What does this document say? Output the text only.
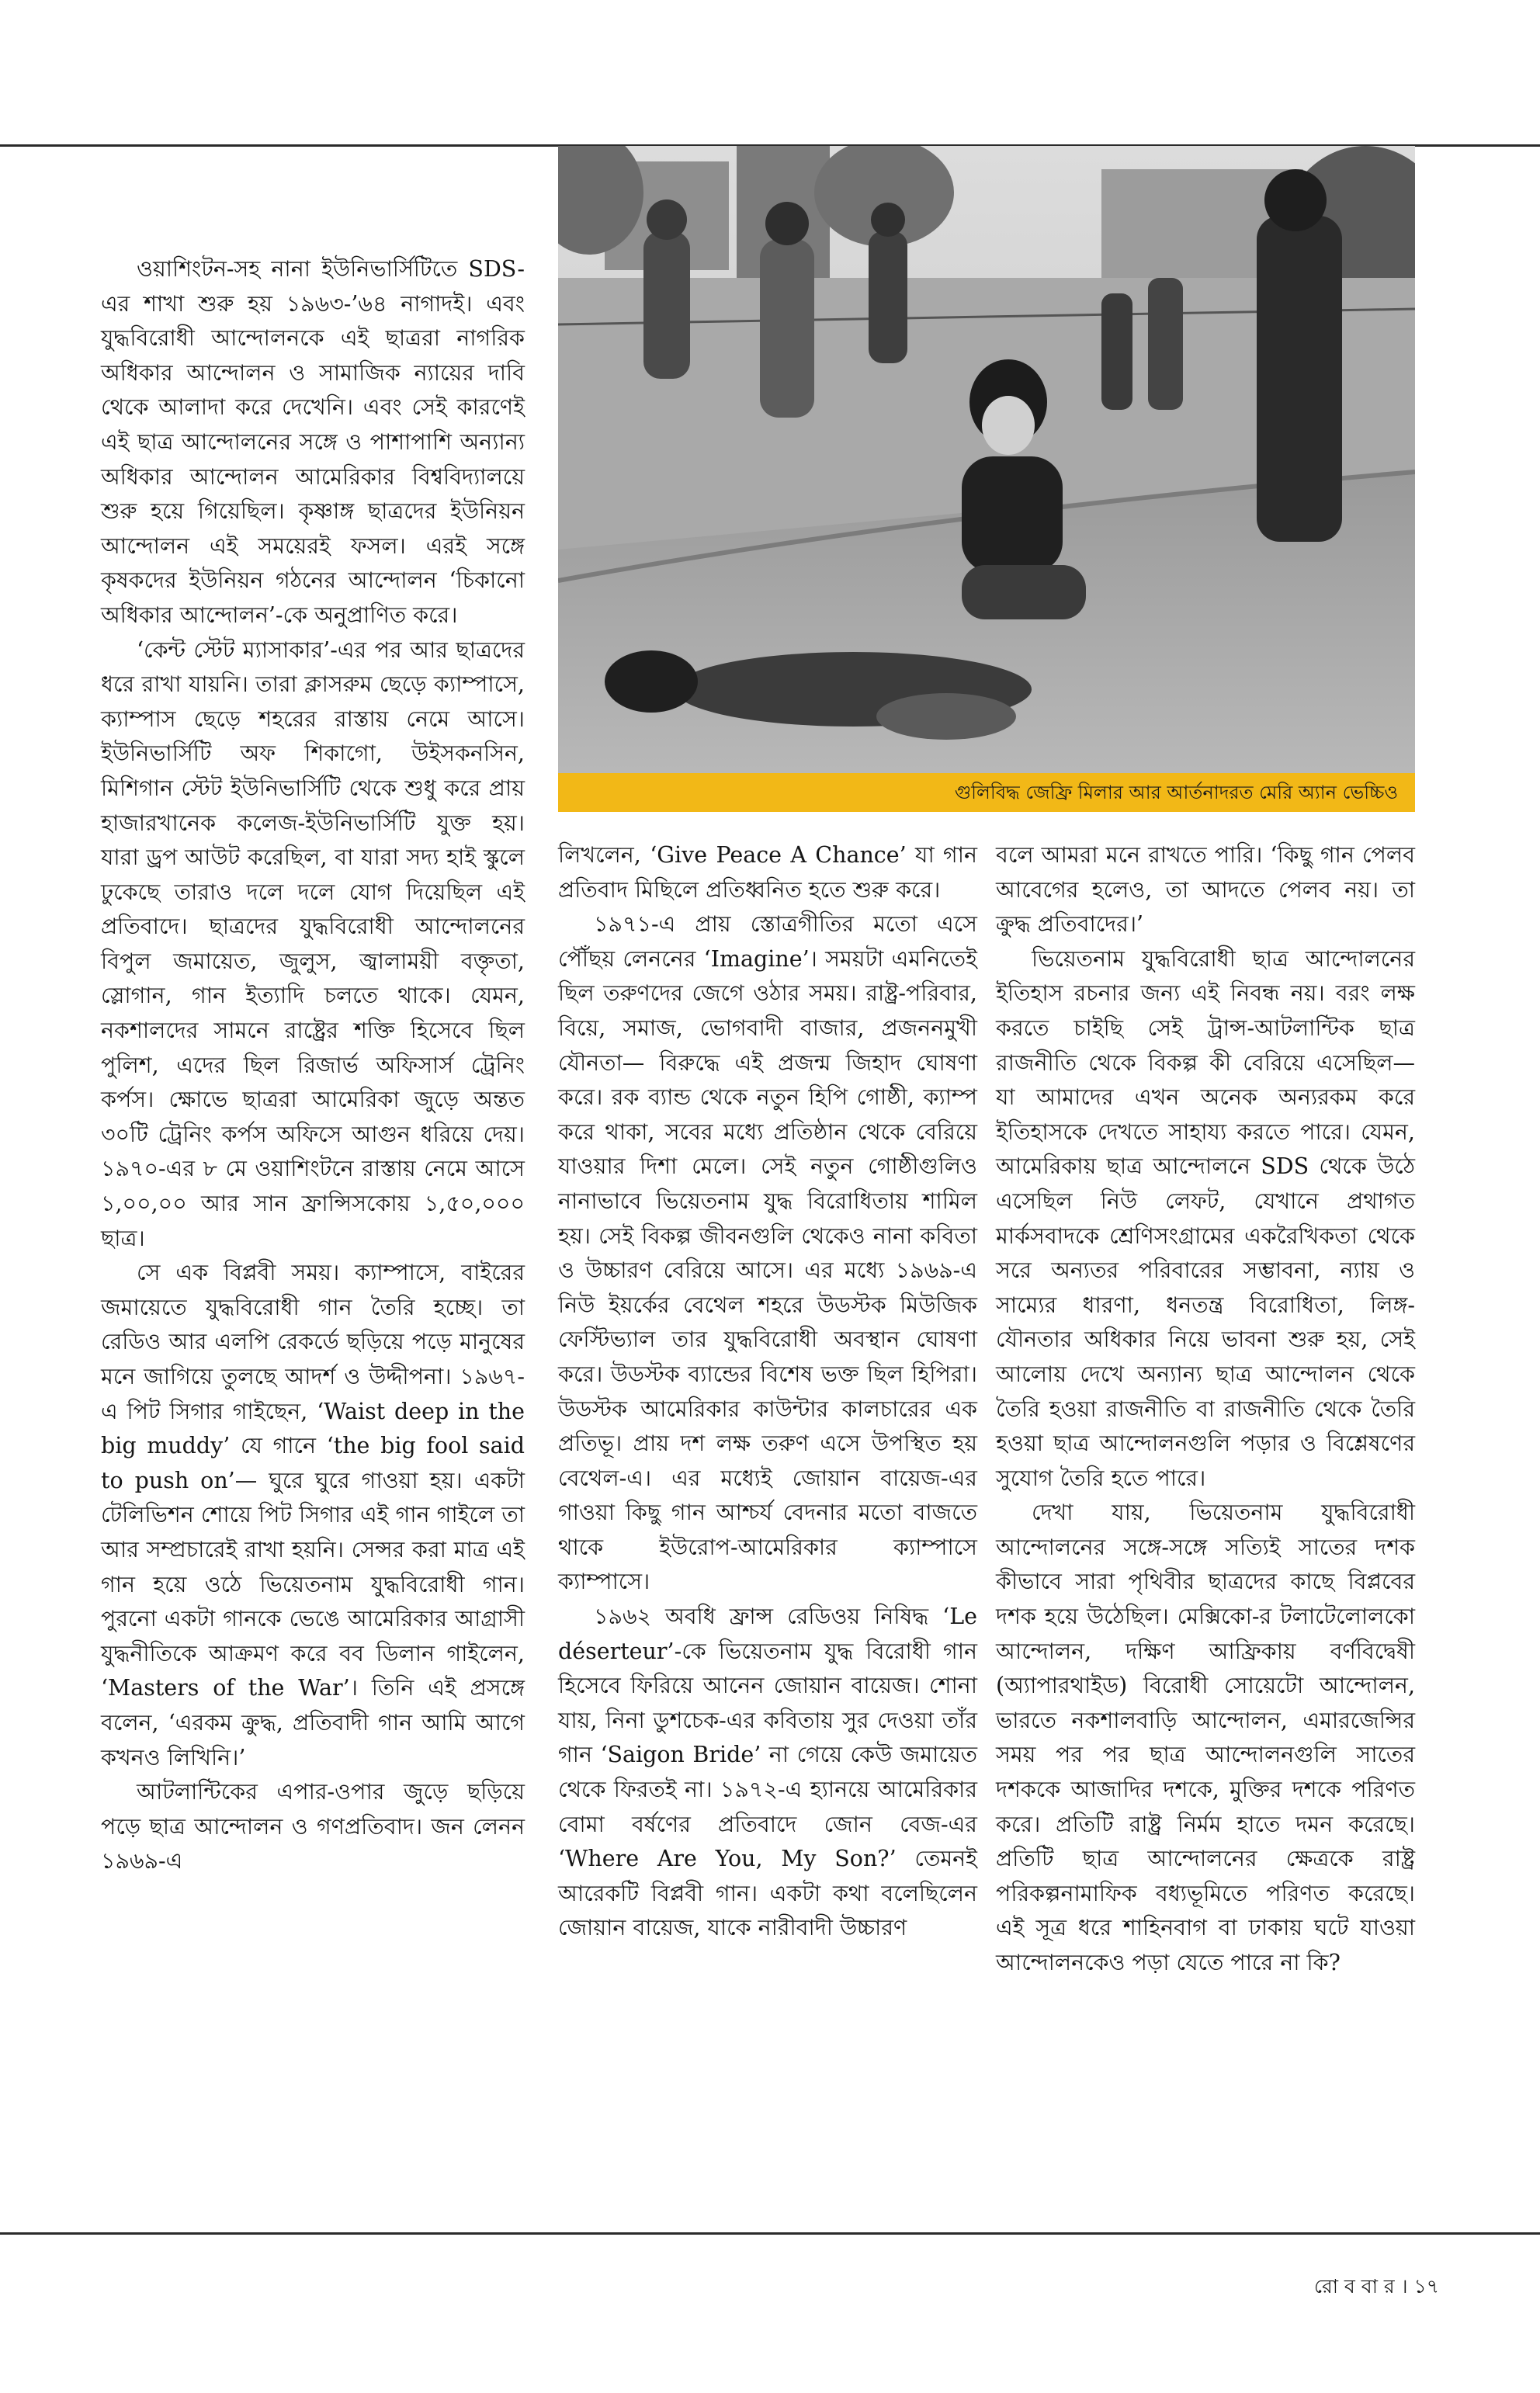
গুলিবিদ্ধ জেফ্রি মিলার আর আর্তনাদরত মেরি অ্যান ভেচ্চিও

ওয়াশিংটন-সহ নানা ইউনিভার্সিটিতে SDS-এর শাখা শুরু হয় ১৯৬৩-’৬৪ নাগাদই। এবং যুদ্ধবিরোধী আন্দোলনকে এই ছাত্ররা নাগরিক অধিকার আন্দোলন ও সামাজিক ন্যায়ের দাবি থেকে আলাদা করে দেখেনি। এবং সেই কারণেই এই ছাত্র আন্দোলনের সঙ্গে ও পাশাপাশি অন্যান্য অধিকার আন্দোলন আমেরিকার বিশ্ববিদ্যালয়ে শুরু হয়ে গিয়েছিল। কৃষ্ণাঙ্গ ছাত্রদের ইউনিয়ন আন্দোলন এই সময়েরই ফসল। এরই সঙ্গে কৃষকদের ইউনিয়ন গঠনের আন্দোলন ‘চিকানো অধিকার আন্দোলন’-কে অনুপ্রাণিত করে।

‘কেন্ট স্টেট ম্যাসাকার’-এর পর আর ছাত্রদের ধরে রাখা যায়নি। তারা ক্লাসরুম ছেড়ে ক্যাম্পাসে, ক্যাম্পাস ছেড়ে শহরের রাস্তায় নেমে আসে। ইউনিভার্সিটি অফ শিকাগো, উইসকনসিন, মিশিগান স্টেট ইউনিভার্সিটি থেকে শুধু করে প্রায় হাজারখানেক কলেজ-ইউনিভার্সিটি যুক্ত হয়। যারা ড্রপ আউট করেছিল, বা যারা সদ্য হাই স্কুলে ঢুকেছে তারাও দলে দলে যোগ দিয়েছিল এই প্রতিবাদে। ছাত্রদের যুদ্ধবিরোধী আন্দোলনের বিপুল জমায়েত, জুলুস, জ্বালাময়ী বক্তৃতা, স্লোগান, গান ইত্যাদি চলতে থাকে। যেমন, নকশালদের সামনে রাষ্ট্রের শক্তি হিসেবে ছিল পুলিশ, এদের ছিল রিজার্ভ অফিসার্স ট্রেনিং কর্পস। ক্ষোভে ছাত্ররা আমেরিকা জুড়ে অন্তত ৩০টি ট্রেনিং কর্পস অফিসে আগুন ধরিয়ে দেয়। ১৯৭০-এর ৮ মে ওয়াশিংটনে রাস্তায় নেমে আসে ১,০০,০০ আর সান ফ্রান্সিসকোয় ১,৫০,০০০ ছাত্র।

সে এক বিপ্লবী সময়। ক্যাম্পাসে, বাইরের জমায়েতে যুদ্ধবিরোধী গান তৈরি হচ্ছে। তা রেডিও আর এলপি রেকর্ডে ছড়িয়ে পড়ে মানুষের মনে জাগিয়ে তুলছে আদর্শ ও উদ্দীপনা। ১৯৬৭-এ পিট সিগার গাইছেন, ‘Waist deep in the big muddy’ যে গানে ‘the big fool said to push on’— ঘুরে ঘুরে গাওয়া হয়। একটা টেলিভিশন শোয়ে পিট সিগার এই গান গাইলে তা আর সম্প্রচারেই রাখা হয়নি। সেন্সর করা মাত্র এই গান হয়ে ওঠে ভিয়েতনাম যুদ্ধবিরোধী গান। পুরনো একটা গানকে ভেঙে আমেরিকার আগ্রাসী যুদ্ধনীতিকে আক্রমণ করে বব ডিলান গাইলেন, ‘Masters of the War’। তিনি এই প্রসঙ্গে বলেন, ‘এরকম ক্রুদ্ধ, প্রতিবাদী গান আমি আগে কখনও লিখিনি।’

আটলান্টিকের এপার-ওপার জুড়ে ছড়িয়ে পড়ে ছাত্র আন্দোলন ও গণপ্রতিবাদ। জন লেনন ১৯৬৯-এ

লিখলেন, ‘Give Peace A Chance’ যা গান প্রতিবাদ মিছিলে প্রতিধ্বনিত হতে শুরু করে।

১৯৭১-এ প্রায় স্তোত্রগীতির মতো এসে পৌঁছয় লেননের ‘Imagine’। সময়টা এমনিতেই ছিল তরুণদের জেগে ওঠার সময়। রাষ্ট্র-পরিবার, বিয়ে, সমাজ, ভোগবাদী বাজার, প্রজননমুখী যৌনতা— বিরুদ্ধে এই প্রজন্ম জিহাদ ঘোষণা করে। রক ব্যান্ড থেকে নতুন হিপি গোষ্ঠী, ক্যাম্প করে থাকা, সবের মধ্যে প্রতিষ্ঠান থেকে বেরিয়ে যাওয়ার দিশা মেলে। সেই নতুন গোষ্ঠীগুলিও নানাভাবে ভিয়েতনাম যুদ্ধ বিরোধিতায় শামিল হয়। সেই বিকল্প জীবনগুলি থেকেও নানা কবিতা ও উচ্চারণ বেরিয়ে আসে। এর মধ্যে ১৯৬৯-এ নিউ ইয়র্কের বেথেল শহরে উডস্টক মিউজিক ফেস্টিভ্যাল তার যুদ্ধবিরোধী অবস্থান ঘোষণা করে। উডস্টক ব্যান্ডের বিশেষ ভক্ত ছিল হিপিরা। উডস্টক আমেরিকার কাউন্টার কালচারের এক প্রতিভূ। প্রায় দশ লক্ষ তরুণ এসে উপস্থিত হয় বেথেল-এ। এর মধ্যেই জোয়ান বায়েজ-এর গাওয়া কিছু গান আশ্চর্য বেদনার মতো বাজতে থাকে ইউরোপ-আমেরিকার ক্যাম্পাসে ক্যাম্পাসে।

১৯৬২ অবধি ফ্রান্স রেডিওয় নিষিদ্ধ ‘Le déserteur’-কে ভিয়েতনাম যুদ্ধ বিরোধী গান হিসেবে ফিরিয়ে আনেন জোয়ান বায়েজ। শোনা যায়, নিনা ডুশচেক-এর কবিতায় সুর দেওয়া তাঁর গান ‘Saigon Bride’ না গেয়ে কেউ জমায়েত থেকে ফিরতই না। ১৯৭২-এ হ্যানয়ে আমেরিকার বোমা বর্ষণের প্রতিবাদে জোন বেজ-এর ‘Where Are You, My Son?’ তেমনই আরেকটি বিপ্লবী গান। একটা কথা বলেছিলেন জোয়ান বায়েজ, যাকে নারীবাদী উচ্চারণ

বলে আমরা মনে রাখতে পারি। ‘কিছু গান পেলব আবেগের হলেও, তা আদতে পেলব নয়। তা ক্রুদ্ধ প্রতিবাদের।’

ভিয়েতনাম যুদ্ধবিরোধী ছাত্র আন্দোলনের ইতিহাস রচনার জন্য এই নিবন্ধ নয়। বরং লক্ষ করতে চাইছি সেই ট্রান্স-আটলান্টিক ছাত্র রাজনীতি থেকে বিকল্প কী বেরিয়ে এসেছিল— যা আমাদের এখন অনেক অন্যরকম করে ইতিহাসকে দেখতে সাহায্য করতে পারে। যেমন, আমেরিকায় ছাত্র আন্দোলনে SDS থেকে উঠে এসেছিল নিউ লেফট, যেখানে প্রথাগত মার্কসবাদকে শ্রেণিসংগ্রামের একরৈখিকতা থেকে সরে অন্যতর পরিবারের সম্ভাবনা, ন্যায় ও সাম্যের ধারণা, ধনতন্ত্র বিরোধিতা, লিঙ্গ-যৌনতার অধিকার নিয়ে ভাবনা শুরু হয়, সেই আলোয় দেখে অন্যান্য ছাত্র আন্দোলন থেকে তৈরি হওয়া রাজনীতি বা রাজনীতি থেকে তৈরি হওয়া ছাত্র আন্দোলনগুলি পড়ার ও বিশ্লেষণের সুযোগ তৈরি হতে পারে।

দেখা যায়, ভিয়েতনাম যুদ্ধবিরোধী আন্দোলনের সঙ্গে-সঙ্গে সত্যিই সাতের দশক কীভাবে সারা পৃথিবীর ছাত্রদের কাছে বিপ্লবের দশক হয়ে উঠেছিল। মেক্সিকো-র টলাটেলোলকো আন্দোলন, দক্ষিণ আফ্রিকায় বর্ণবিদ্বেষী (অ্যাপারথাইড) বিরোধী সোয়েটো আন্দোলন, ভারতে নকশালবাড়ি আন্দোলন, এমারজেন্সির সময় পর পর ছাত্র আন্দোলনগুলি সাতের দশককে আজাদির দশকে, মুক্তির দশকে পরিণত করে। প্রতিটি রাষ্ট্র নির্মম হাতে দমন করেছে। প্রতিটি ছাত্র আন্দোলনের ক্ষেত্রকে রাষ্ট্র পরিকল্পনামাফিক বধ্যভূমিতে পরিণত করেছে। এই সূত্র ধরে শাহিনবাগ বা ঢাকায় ঘটে যাওয়া আন্দোলনকেও পড়া যেতে পারে না কি?

রো ব বা র । ১৭
